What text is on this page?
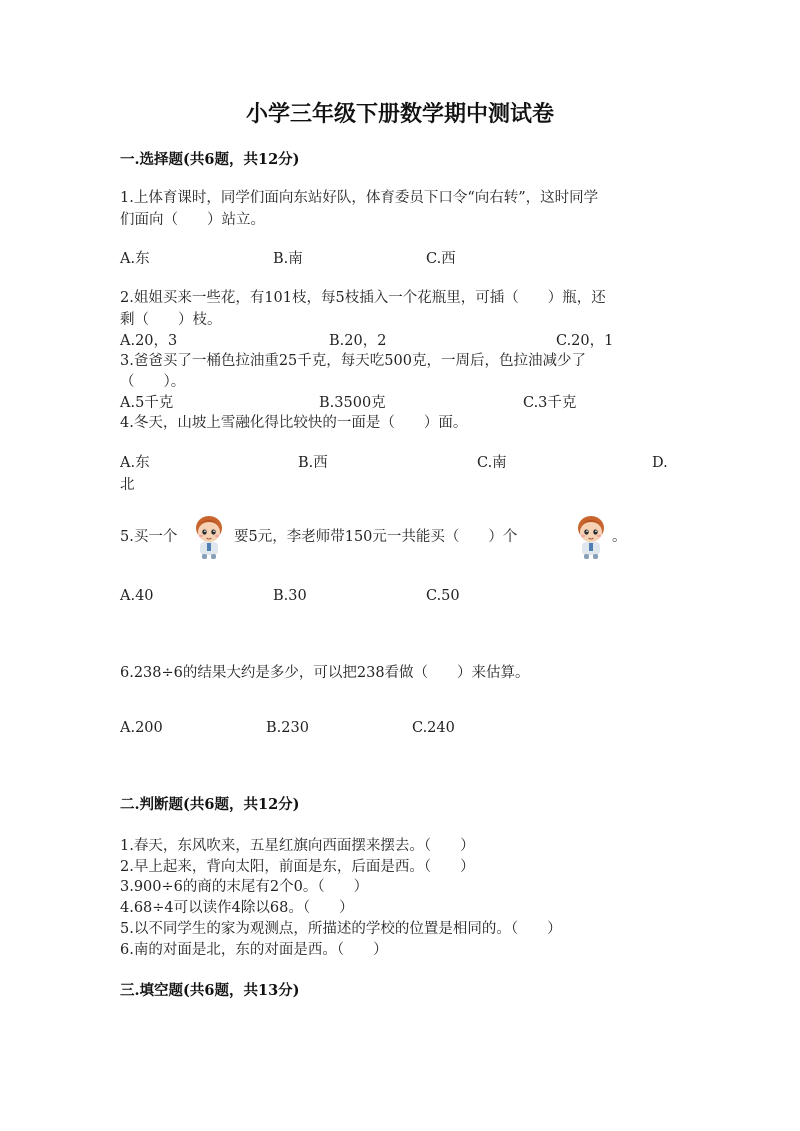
小学三年级下册数学期中测试卷
一.选择题(共6题，共12分)
1.上体育课时，同学们面向东站好队，体育委员下口令“向右转”，这时同学
们面向（　　）站立。
A.东	B.南	C.西
2.姐姐买来一些花，有101枝，每5枝插入一个花瓶里，可插（　　）瓶，还
剩（　　）枝。
A.20，3	B.20，2	C.20，1
3.爸爸买了一桶色拉油重25千克，每天吃500克，一周后，色拉油减少了
（　　）。
A.5千克	B.3500克	C.3千克
4.冬天，山坡上雪融化得比较快的一面是（　　）面。
A.东	B.西	C.南	D.
北
5.买一个	要5元，李老师带150元一共能买（　　）个	。
A.40	B.30	C.50
6.238÷6的结果大约是多少，可以把238看做（　　）来估算。
A.200	B.230	C.240
二.判断题(共6题，共12分)
1.春天，东风吹来，五星红旗向西面摆来摆去。（　　）
2.早上起来，背向太阳，前面是东，后面是西。（　　）
3.900÷6的商的末尾有2个0。（　　）
4.68÷4可以读作4除以68。（　　）
5.以不同学生的家为观测点，所描述的学校的位置是相同的。（　　）
6.南的对面是北，东的对面是西。（　　）
三.填空题(共6题，共13分)
